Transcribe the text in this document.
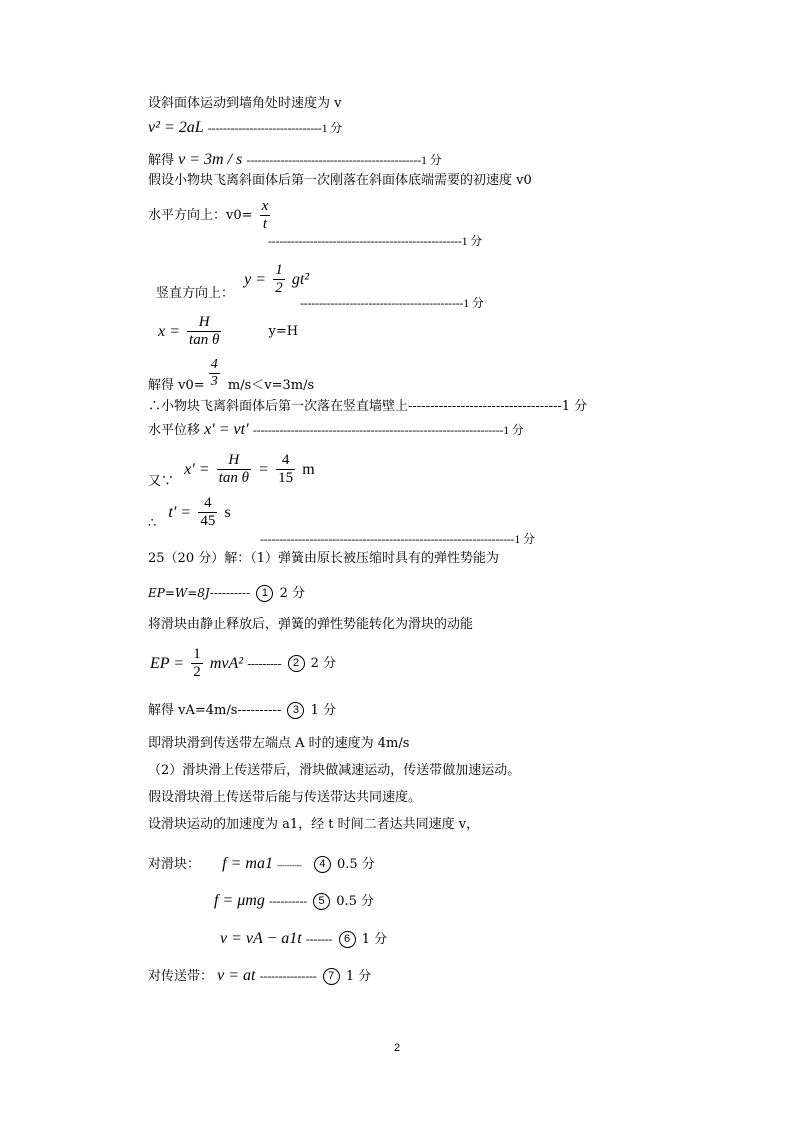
设斜面体运动到墙角处时速度为 v
v² = 2aL ------------------------------1 分
解得 v = 3m / s ----------------------------------------------1 分
假设小物块飞离斜面体后第一次刚落在斜面体底端需要的初速度 v0
水平方向上：$v0= \frac{x}{t}$
---------------------------------------------------1 分
竖直方向上： $y = \frac{1}{2} gt^2$
-------------------------------------------1 分
$x = \frac{H}{\text{tan θ}}$	y=H
解得 $v0= \frac{4}{3} m/s<v=3m/s$
∴小物块飞离斜面体后第一次落在竖直墙壁上-----------------------------------1 分
水平位移 x′ = vt′ ------------------------------------------------------------------1 分
又∵ $x' = \frac{H}{\text{tan θ}} = \frac{4}{15}$ m
∴ $t' = \frac{4}{45}$ s
-------------------------------------------------------------------1 分
25（20 分）解：（1）弹簧由原长被压缩时具有的弹性势能为
EP=W=8J---------- 1 2 分
将滑块由静止释放后，弹簧的弹性势能转化为滑块的动能
EP = $\frac{1}{2} mvA^2$ --------- 2 2 分
解得 vA=4m/s---------- 3 1 分
即滑块滑到传送带左端点 A 时的速度为 4m/s
（2）滑块滑上传送带后，滑块做减速运动，传送带做加速运动。
假设滑块滑上传送带后能与传送带达共同速度。
设滑块运动的加速度为 a1，经 t 时间二者达共同速度 v，
对滑块： f = ma1 ---------- 4 0.5 分
f = μmg ---------- 5 0.5 分
v = vA − a1t ------- 6 1 分
对传送带： v = at --------------- 7 1 分
2
